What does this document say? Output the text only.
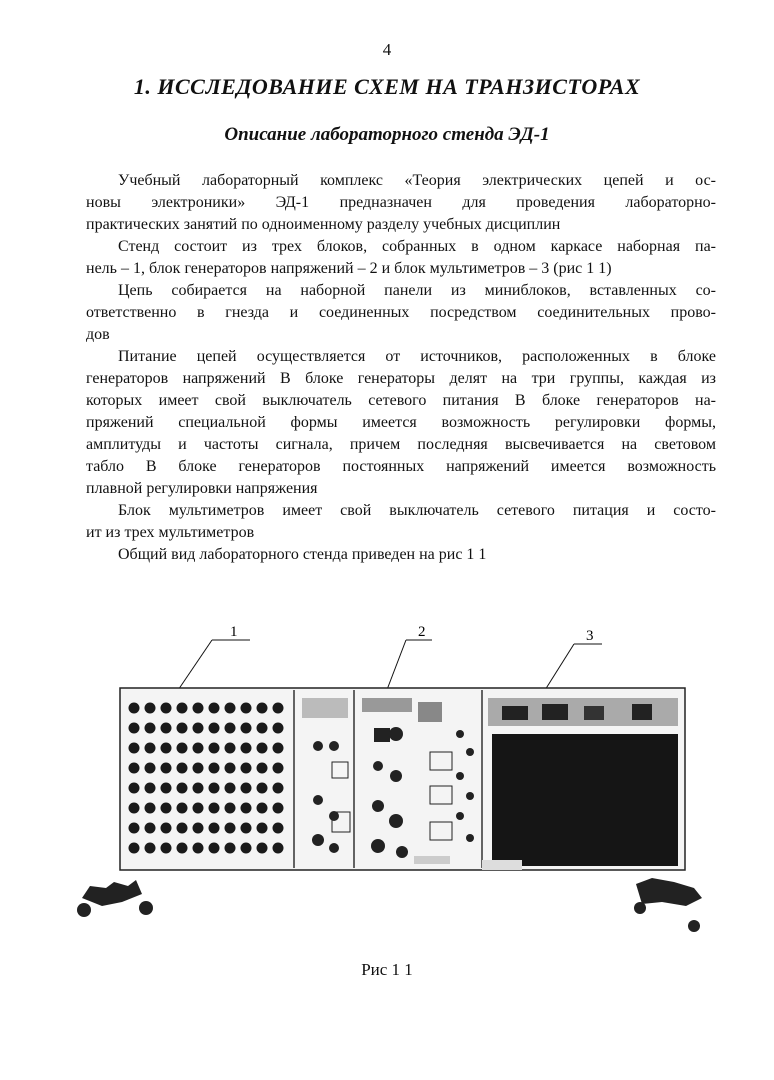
4
1. ИССЛЕДОВАНИЕ СХЕМ НА ТРАНЗИСТОРАХ
Описание лабораторного стенда ЭД-1
Учебный лабораторный комплекс «Теория электрических цепей и ос-
новы электроники» ЭД-1 предназначен для проведения лабораторно-
практических занятий по одноименному разделу учебных дисциплин
Стенд состоит из трех блоков, собранных в одном каркасе наборная па-
нель – 1, блок генераторов напряжений – 2 и блок мультиметров – 3 (рис 1 1)
Цепь собирается на наборной панели из миниблоков, вставленных со-
ответственно в гнезда и соединенных посредством соединительных прово-
дов
Питание цепей осуществляется от источников, расположенных в блоке
генераторов напряжений В блоке генераторы делят на три группы, каждая из
которых имеет свой выключатель сетевого питания В блоке генераторов на-
пряжений специальной формы имеется возможность регулировки формы,
амплитуды и частоты сигнала, причем последняя высвечивается на световом
табло В блоке генераторов постоянных напряжений имеется возможность
плавной регулировки напряжения
Блок мультиметров имеет свой выключатель сетевого питация и состо-
ит из трех мультиметров
Общий вид лабораторного стенда приведен на рис 1 1
1	2	3
Рис 1 1
